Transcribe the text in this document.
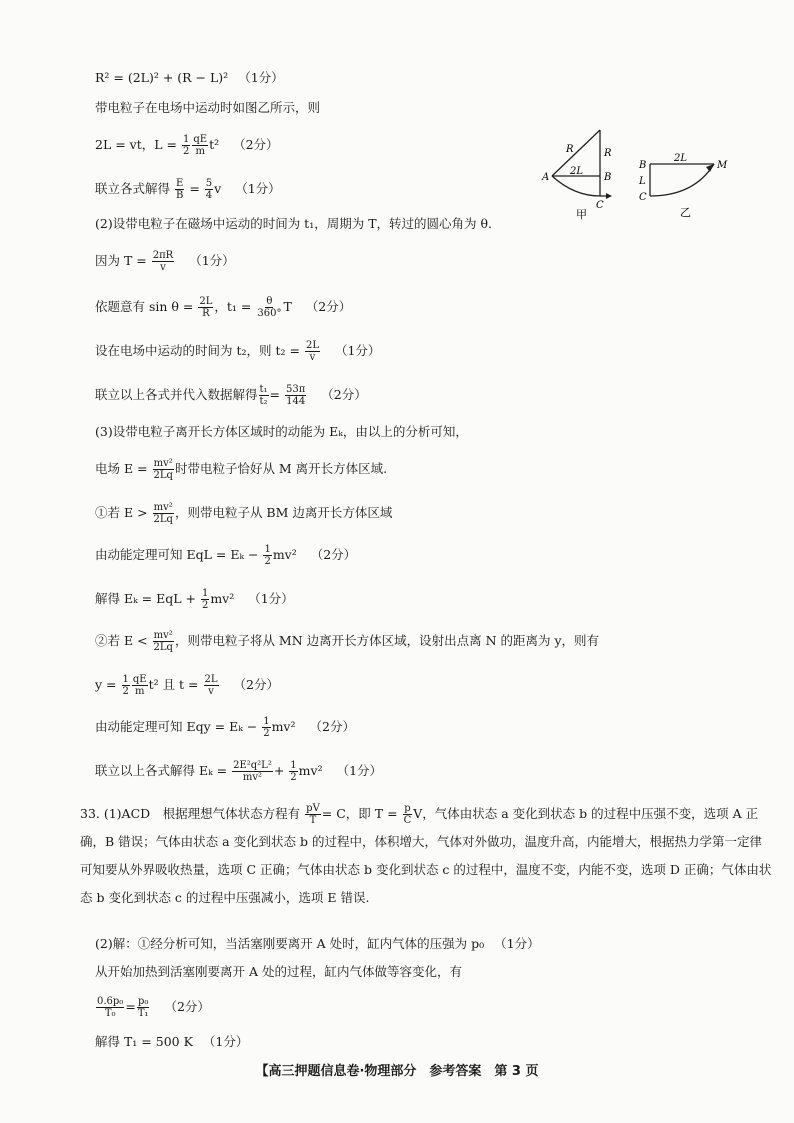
R² = (2L)² + (R − L)² （1分）
带电粒子在电场中运动时如图乙所示，则
2L = vt，$L = \frac{1}{2} \frac{qE}{m} t^2$ （2分）
联立各式解得 $\frac{E}{B} = \frac{5}{4}$ v （1分）
(2)设带电粒子在磁场中运动的时间为 t₁，周期为 T，转过的圆心角为 θ.
因为 $T = \frac{2\pi R}{v} (1$分）
依题意有 $\sin \theta = \frac{2L}{R}$ ，$t_1 = \frac{\theta}{360^\circ}$ T （2分）
设在电场中运动的时间为 t₂，则 $t_2 = \frac{2L}{v} (1$分）
联立以上各式并代入数据解得 $\frac{\text{t₁}}{\text{t₂}} = \frac{53\pi}{144} (2$分）
(3)设带电粒子离开长方体区域时的动能为 Eₖ，由以上的分析可知，
电场 $E = \frac{\text{mv²}}{2Lq}$ 时带电粒子恰好从 M 离开长方体区域.
①若 $E > \frac{\text{mv²}}{2Lq}$ ，则带电粒子从 BM 边离开长方体区域
由动能定理可知 EqL = $E_k - \frac{1}{2} mv^2$ （2分）
解得 Eₖ = EqL + $\frac{1}{2} mv^2$ （1分）
②若 $E < \frac{\text{mv²}}{2Lq}$ ，则带电粒子将从 MN 边离开长方体区域，设射出点离 N 的距离为 y，则有
$y = \frac{1}{2} \frac{qE}{m} t^2$ 且 $t = \frac{2L}{v} (2$分）
由动能定理可知 Eqy = $E_k - \frac{1}{2} mv^2$ （2分）
联立以上各式解得 $E_k = \frac{\text{2E²q²L²}}{\text{mv²}} + \frac{1}{2} mv^2$ （1分）
33. (1)ACD　根据理想气体状态方程有 $\frac{pV}{T} = C$，即 $T = \frac{p}{C}$ V，气体由状态 a 变化到状态 b 的过程中压强不变，选项 A 正确，B 错误；气体由状态 a 变化到状态 b 的过程中，体积增大，气体对外做功，温度升高，内能增大，根据热力学第一定律可知要从外界吸收热量，选项 C 正确；气体由状态 b 变化到状态 c 的过程中，温度不变，内能不变，选项 D 正确；气体由状态 b 变化到状态 c 的过程中压强减小，选项 E 错误.
(2)解：①经分析可知，当活塞刚要离开 A 处时，缸内气体的压强为 p₀ （1分）
从开始加热到活塞刚要离开 A 处的过程，缸内气体做等容变化，有
$\frac{\text{0.6p₀}}{\text{T₀}} = \frac{\text{p₀}}{\text{T₁}} (2$分）
解得 T₁ = 500 K （1分）
R	R
A	B
C
2L
甲
B
2L
M
L
C
乙
【高三押题信息卷·物理部分　参考答案　第 3 页
